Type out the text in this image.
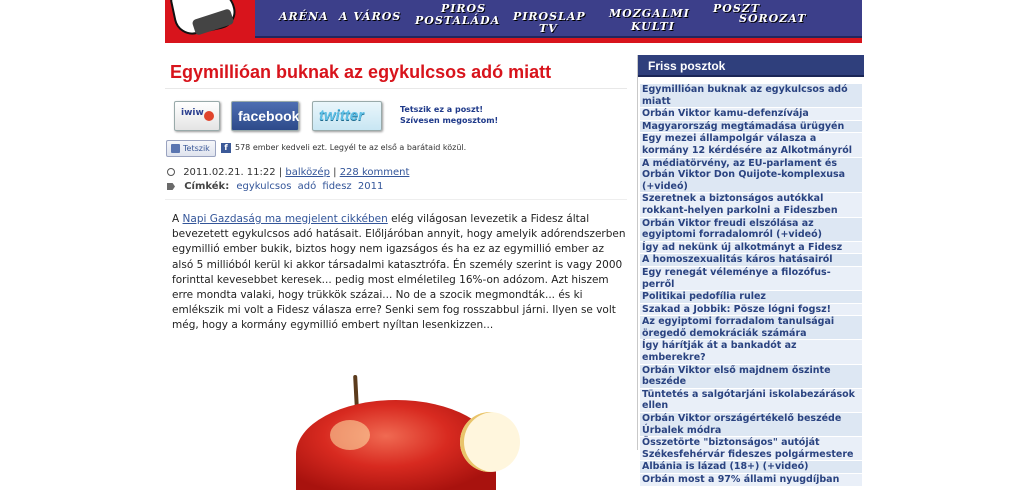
ARÉNA A VÁROS
PIROS
POSTALÁDA PIROSLAP
TV
MOZGALMI
KULTI
POSZT
SOROZAT
Egymillióan buknak az egykulcsos adó miatt
iwiw facebook twitter	Tetszik ez a poszt!
Szívesen megosztom!
Tetszik	f 578 ember kedveli ezt. Legyél te az első a barátaid közül.
2011.02.21. 11:22 | balközép | 228 komment
Címkék: egykulcsos adó fidesz 2011
A Napi Gazdaság ma megjelent cikkében elég világosan levezetik a Fidesz által bevezetett egykulcsos adó hatásait. Előljáróban annyit, hogy amelyik adórendszerben egymillió ember bukik, biztos hogy nem igazságos és ha ez az egymillió ember az alsó 5 millióból kerül ki akkor társadalmi katasztrófa. Én személy szerint is vagy 2000 forinttal kevesebbet keresek... pedig most elméletileg 16%-on adózom. Azt hiszem erre mondta valaki, hogy trükkök százai... No de a szocik megmondták... és ki emlékszik mi volt a Fidesz válasza erre? Senki sem fog rosszabbul járni. Ilyen se volt még, hogy a kormány egymillió embert nyíltan lesenkizzen...
Friss posztok
Egymillióan buknak az egykulcsos adó miatt
Orbán Viktor kamu-defenzívája
Magyarország megtámadása ürügyén
Egy mezei állampolgár válasza a kormány 12 kérdésére az Alkotmányról
A médiatörvény, az EU-parlament és Orbán Viktor Don Quijote-komplexusa (+videó)
Szeretnek a biztonságos autókkal rokkant-helyen parkolni a Fideszben
Orbán Viktor freudi elszólása az egyiptomi forradalomról (+videó)
Így ad nekünk új alkotmányt a Fidesz
A homoszexualitás káros hatásairól
Egy renegát véleménye a filozófus-perről
Politikai pedofília rulez
Szakad a Jobbik: Pösze lógni fogsz!
Az egyiptomi forradalom tanulságai öregedő demokráciák számára
Így hárítják át a bankadót az emberekre?
Orbán Viktor első majdnem őszinte beszéde
Tüntetés a salgótarjáni iskolabezárások ellen
Orbán Viktor országértékelő beszéde Úrbalek módra
Összetörte "biztonságos" autóját Székesfehérvár fideszes polgármestere
Albánia is lázad (18+) (+videó)
Orbán most a 97% állami nyugdíjban
